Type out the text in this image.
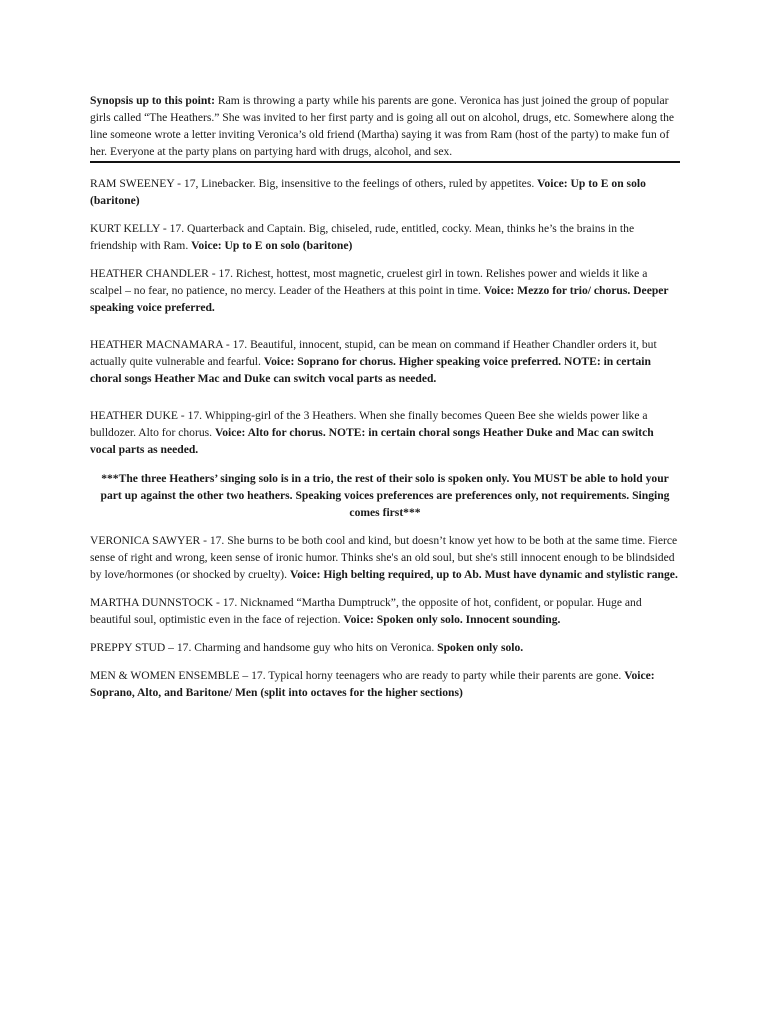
Synopsis up to this point: Ram is throwing a party while his parents are gone. Veronica has just joined the group of popular girls called “The Heathers.” She was invited to her first party and is going all out on alcohol, drugs, etc. Somewhere along the line someone wrote a letter inviting Veronica’s old friend (Martha) saying it was from Ram (host of the party) to make fun of her. Everyone at the party plans on partying hard with drugs, alcohol, and sex.

RAM SWEENEY - 17, Linebacker. Big, insensitive to the feelings of others, ruled by appetites. Voice: Up to E on solo (baritone)

KURT KELLY - 17. Quarterback and Captain. Big, chiseled, rude, entitled, cocky. Mean, thinks he’s the brains in the friendship with Ram. Voice: Up to E on solo (baritone)

HEATHER CHANDLER - 17. Richest, hottest, most magnetic, cruelest girl in town. Relishes power and wields it like a scalpel – no fear, no patience, no mercy. Leader of the Heathers at this point in time. Voice: Mezzo for trio/ chorus. Deeper speaking voice preferred.

HEATHER MACNAMARA - 17. Beautiful, innocent, stupid, can be mean on command if Heather Chandler orders it, but actually quite vulnerable and fearful. Voice: Soprano for chorus. Higher speaking voice preferred. NOTE: in certain choral songs Heather Mac and Duke can switch vocal parts as needed.

HEATHER DUKE - 17. Whipping-girl of the 3 Heathers. When she finally becomes Queen Bee she wields power like a bulldozer. Alto for chorus. Voice: Alto for chorus. NOTE: in certain choral songs Heather Duke and Mac can switch vocal parts as needed.

***The three Heathers’ singing solo is in a trio, the rest of their solo is spoken only. You MUST be able to hold your part up against the other two heathers. Speaking voices preferences are preferences only, not requirements. Singing comes first***

VERONICA SAWYER - 17. She burns to be both cool and kind, but doesn’t know yet how to be both at the same time. Fierce sense of right and wrong, keen sense of ironic humor. Thinks she's an old soul, but she's still innocent enough to be blindsided by love/hormones (or shocked by cruelty). Voice: High belting required, up to Ab. Must have dynamic and stylistic range.

MARTHA DUNNSTOCK - 17. Nicknamed “Martha Dumptruck”, the opposite of hot, confident, or popular. Huge and beautiful soul, optimistic even in the face of rejection. Voice: Spoken only solo. Innocent sounding.

PREPPY STUD – 17. Charming and handsome guy who hits on Veronica. Spoken only solo.

MEN & WOMEN ENSEMBLE – 17. Typical horny teenagers who are ready to party while their parents are gone. Voice: Soprano, Alto, and Baritone/ Men (split into octaves for the higher sections)
